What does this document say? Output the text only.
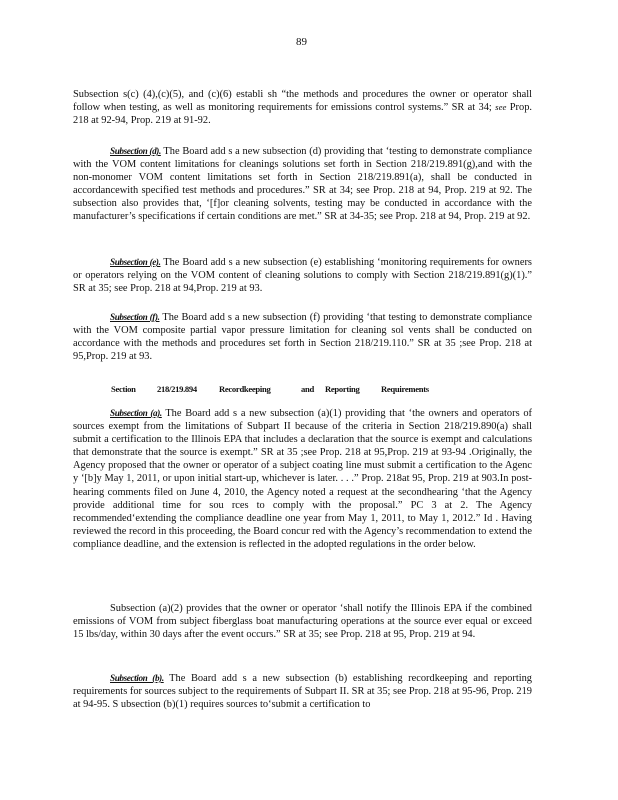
89

Subsection s(c) (4),(c)(5), and (c)(6) establi sh “the methods and procedures the owner or operator shall follow when testing, as well as monitoring requirements for emissions control systems.” SR at 34; see Prop. 218 at 92-94, Prop. 219 at 91-92.

Subsection (d). The Board add s a new subsection (d) providing that ‘testing to demonstrate compliance with the VOM content limitations for cleanings solutions set forth in Section 218/219.891(g),and with the non-monomer VOM content limitations set forth in Section 218/219.891(a), shall be conducted in accordancewith specified test methods and procedures.” SR at 34; see Prop. 218 at 94, Prop. 219 at 92. The subsection also provides that, ‘[f]or cleaning solvents, testing may be conducted in accordance with the manufacturer’s specifications if certain conditions are met.” SR at 34-35; see Prop. 218 at 94, Prop. 219 at 92.

Subsection (e). The Board add s a new subsection (e) establishing ‘monitoring requirements for owners or operators relying on the VOM content of cleaning solutions to comply with Section 218/219.891(g)(1).” SR at 35; see Prop. 218 at 94,Prop. 219 at 93.

Subsection (f). The Board add s a new subsection (f) providing ‘that testing to demonstrate compliance with the VOM composite partial vapor pressure limitation for cleaning sol vents shall be conducted on accordance with the methods and procedures set forth in Section 218/219.110.” SR at 35 ;see Prop. 218 at 95,Prop. 219 at 93.

Section 218/219.894	Recordkeeping	and Reporting Requirements

Subsection (a). The Board add s a new subsection (a)(1) providing that ‘the owners and operators of sources exempt from the limitations of Subpart II because of the criteria in Section 218/219.890(a) shall submit a certification to the Illinois EPA that includes a declaration that the source is exempt and calculations that demonstrate that the source is exempt.” SR at 35 ;see Prop. 218 at 95,Prop. 219 at 93-94 .Originally, the Agency proposed that the owner or operator of a subject coating line must submit a certification to the Agenc y ‘[b]y May 1, 2011, or upon initial start-up, whichever is later. . . .” Prop. 218at 95, Prop. 219 at 903.In post-hearing comments filed on June 4, 2010, the Agency noted a request at the secondhearing ‘that the Agency provide additional time for sou rces to comply with the proposal.” PC 3 at 2. The Agency recommended‘extending the compliance deadline one year from May 1, 2011, to May 1, 2012.” Id . Having reviewed the record in this proceeding, the Board concur red with the Agency’s recommendation to extend the compliance deadline, and the extension is reflected in the adopted regulations in the order below.

Subsection (a)(2) provides that the owner or operator ‘shall notify the Illinois EPA if the combined emissions of VOM from subject fiberglass boat manufacturing operations at the source ever equal or exceed 15 lbs/day, within 30 days after the event occurs.” SR at 35; see Prop. 218 at 95, Prop. 219 at 94.

Subsection (b). The Board add s a new subsection (b) establishing recordkeeping and reporting requirements for sources subject to the requirements of Subpart II. SR at 35; see Prop. 218 at 95-96, Prop. 219 at 94-95. S ubsection (b)(1) requires sources to‘submit a certification to
